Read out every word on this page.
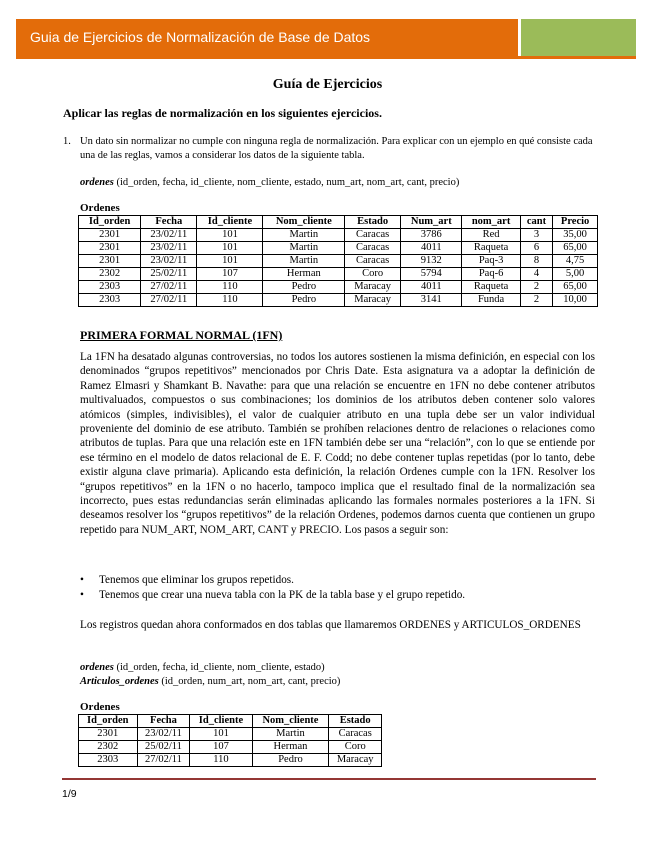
Guia de Ejercicios de Normalización de Base de Datos
Guía de Ejercicios
Aplicar las reglas de normalización en los siguientes ejercicios.
1. Un dato sin normalizar no cumple con ninguna regla de normalización. Para explicar con un ejemplo en qué consiste cada una de las reglas, vamos a considerar los datos de la siguiente tabla.
ordenes (id_orden, fecha, id_cliente, nom_cliente, estado, num_art, nom_art, cant, precio)
Ordenes
Id_orden	Fecha	Id_cliente	Nom_cliente	Estado	Num_art	nom_art	cant	Precio
2301	23/02/11	101	Martin	Caracas	3786	Red	3	35,00
2301	23/02/11	101	Martin	Caracas	4011	Raqueta	6	65,00
2301	23/02/11	101	Martin	Caracas	9132	Paq-3	8	4,75
2302	25/02/11	107	Herman	Coro	5794	Paq-6	4	5,00
2303	27/02/11	110	Pedro	Maracay	4011	Raqueta	2	65,00
2303	27/02/11	110	Pedro	Maracay	3141	Funda	2	10,00
PRIMERA FORMAL NORMAL (1FN)

La 1FN ha desatado algunas controversias, no todos los autores sostienen la misma definición, en especial con los denominados “grupos repetitivos” mencionados por Chris Date. Esta asignatura va a adoptar la definición de Ramez Elmasri y Shamkant B. Navathe: para que una relación se encuentre en 1FN no debe contener atributos multivaluados, compuestos o sus combinaciones; los dominios de los atributos deben contener solo valores atómicos (simples, indivisibles), el valor de cualquier atributo en una tupla debe ser un valor individual proveniente del dominio de ese atributo. También se prohíben relaciones dentro de relaciones o relaciones como atributos de tuplas. Para que una relación este en 1FN también debe ser una “relación”, con lo que se entiende por ese término en el modelo de datos relacional de E. F. Codd; no debe contener tuplas repetidas (por lo tanto, debe existir alguna clave primaria). Aplicando esta definición, la relación Ordenes cumple con la 1FN. Resolver los “grupos repetitivos” en la 1FN o no hacerlo, tampoco implica que el resultado final de la normalización sea incorrecto, pues estas redundancias serán eliminadas aplicando las formales normales posteriores a la 1FN. Si deseamos resolver los “grupos repetitivos” de la relación Ordenes, podemos darnos cuenta que contienen un grupo repetido para NUM_ART, NOM_ART, CANT y PRECIO. Los pasos a seguir son:

• Tenemos que eliminar los grupos repetidos.
• Tenemos que crear una nueva tabla con la PK de la tabla base y el grupo repetido.
Los registros quedan ahora conformados en dos tablas que llamaremos ORDENES y ARTICULOS_ORDENES
ordenes (id_orden, fecha, id_cliente, nom_cliente, estado)
Articulos_ordenes (id_orden, num_art, nom_art, cant, precio)
Ordenes
Id_orden	Fecha	Id_cliente	Nom_cliente	Estado
2301	23/02/11	101	Martin	Caracas
2302	25/02/11	107	Herman	Coro
2303	27/02/11	110	Pedro	Maracay
1/9
